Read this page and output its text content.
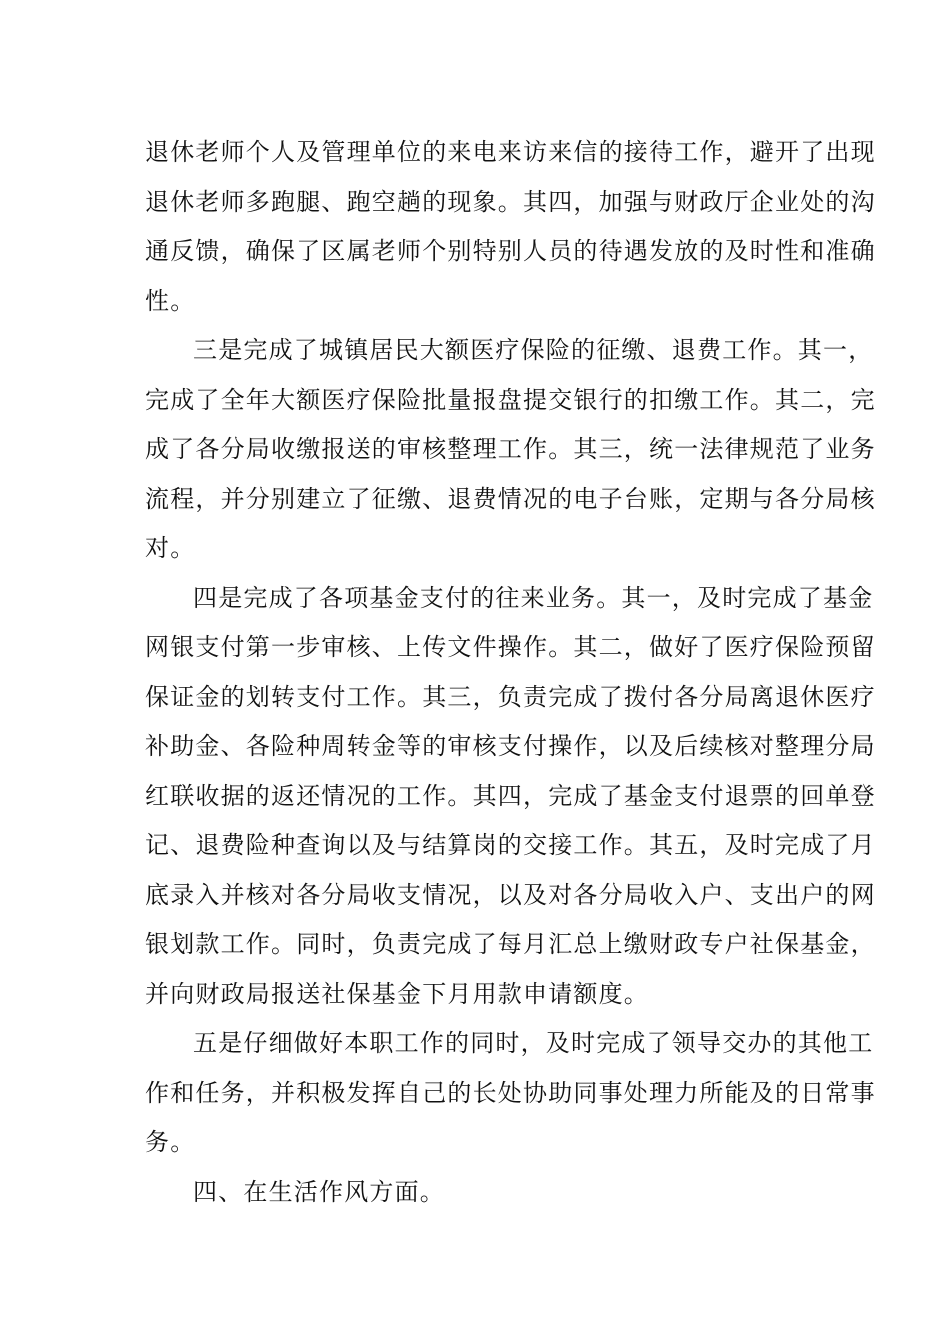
退休老师个人及管理单位的来电来访来信的接待工作，避开了出现
退休老师多跑腿、跑空趟的现象。其四，加强与财政厅企业处的沟
通反馈，确保了区属老师个别特别人员的待遇发放的及时性和准确
性。
三是完成了城镇居民大额医疗保险的征缴、退费工作。其一，
完成了全年大额医疗保险批量报盘提交银行的扣缴工作。其二，完
成了各分局收缴报送的审核整理工作。其三，统一法律规范了业务
流程，并分别建立了征缴、退费情况的电子台账，定期与各分局核
对。
四是完成了各项基金支付的往来业务。其一，及时完成了基金
网银支付第一步审核、上传文件操作。其二，做好了医疗保险预留
保证金的划转支付工作。其三，负责完成了拨付各分局离退休医疗
补助金、各险种周转金等的审核支付操作，以及后续核对整理分局
红联收据的返还情况的工作。其四，完成了基金支付退票的回单登
记、退费险种查询以及与结算岗的交接工作。其五，及时完成了月
底录入并核对各分局收支情况，以及对各分局收入户、支出户的网
银划款工作。同时，负责完成了每月汇总上缴财政专户社保基金，
并向财政局报送社保基金下月用款申请额度。
五是仔细做好本职工作的同时，及时完成了领导交办的其他工
作和任务，并积极发挥自己的长处协助同事处理力所能及的日常事
务。
四、在生活作风方面。
